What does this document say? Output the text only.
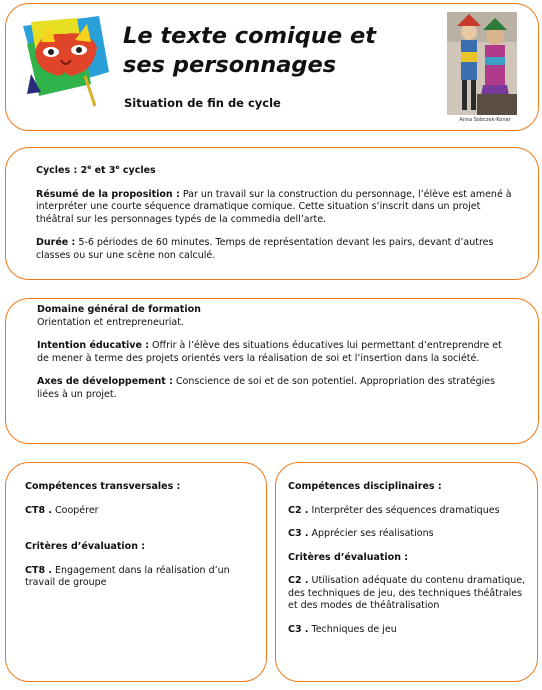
Le texte comique et
ses personnages
Situation de fin de cycle
Anna Sobczek-Konar

Cycles : 2e et 3e cycles

Résumé de la proposition : Par un travail sur la construction du personnage, l’élève est amené à interpréter une courte séquence dramatique comique. Cette situation s’inscrit dans un projet théâtral sur les personnages typés de la commedia dell’arte.

Durée : 5-6 périodes de 60 minutes. Temps de représentation devant les pairs, devant d’autres classes ou sur une scène non calculé.

Domaine général de formation

Orientation et entrepreneuriat.

Intention éducative : Offrir à l’élève des situations éducatives lui permettant d’entreprendre et de mener à terme des projets orientés vers la réalisation de soi et l’insertion dans la société.

Axes de développement : Conscience de soi et de son potentiel. Appropriation des stratégies liées à un projet.

Compétences transversales :

CT8 . Coopérer

Critères d’évaluation :

CT8 . Engagement dans la réalisation d’un travail de groupe

Compétences disciplinaires :

C2 . Interpréter des séquences dramatiques

C3 . Apprécier ses réalisations

Critères d’évaluation :

C2 . Utilisation adéquate du contenu dramatique, des techniques de jeu, des techniques théâtrales et des modes de théâtralisation

C3 . Techniques de jeu
